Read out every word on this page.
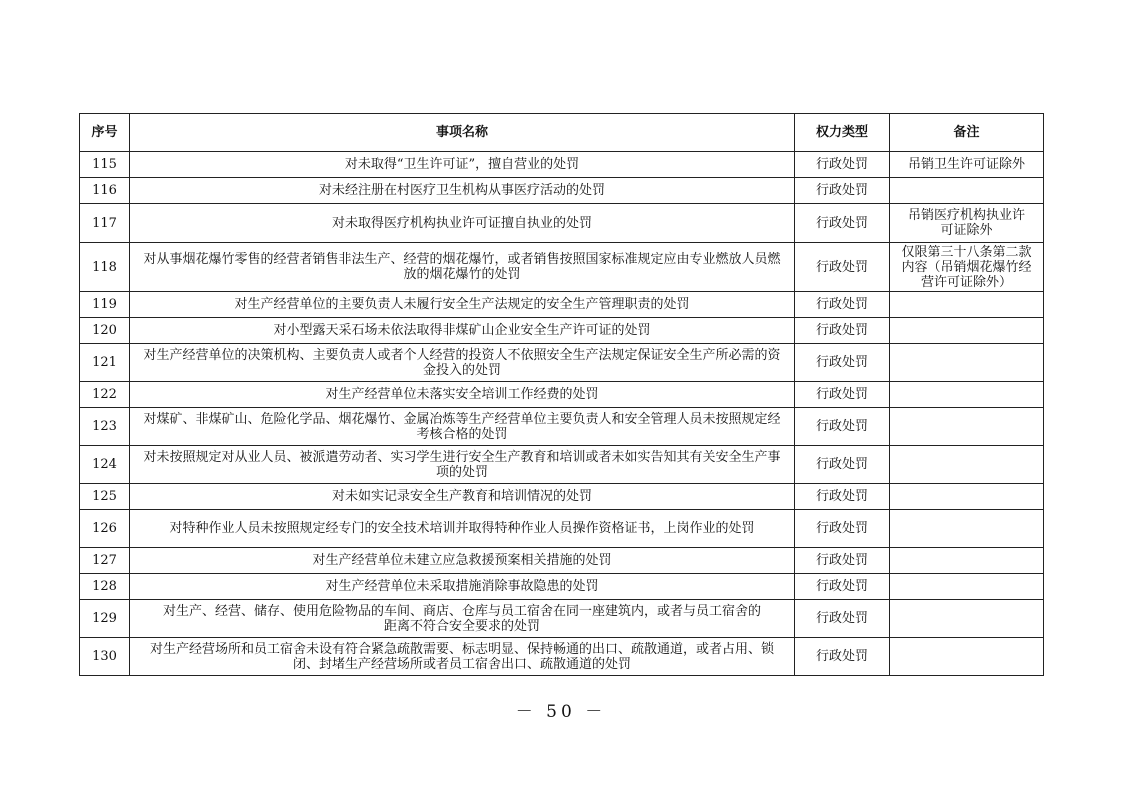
序号	事项名称	权力类型	备注
115	对未取得“卫生许可证”，擅自营业的处罚	行政处罚	吊销卫生许可证除外
116	对未经注册在村医疗卫生机构从事医疗活动的处罚	行政处罚	
117	对未取得医疗机构执业许可证擅自执业的处罚	行政处罚	吊销医疗机构执业许可证除外
118	对从事烟花爆竹零售的经营者销售非法生产、经营的烟花爆竹，或者销售按照国家标准规定应由专业燃放人员燃放的烟花爆竹的处罚	行政处罚	仅限第三十八条第二款内容（吊销烟花爆竹经营许可证除外）
119	对生产经营单位的主要负责人未履行安全生产法规定的安全生产管理职责的处罚	行政处罚	
120	对小型露天采石场未依法取得非煤矿山企业安全生产许可证的处罚	行政处罚	
121	对生产经营单位的决策机构、主要负责人或者个人经营的投资人不依照安全生产法规定保证安全生产所必需的资金投入的处罚	行政处罚	
122	对生产经营单位未落实安全培训工作经费的处罚	行政处罚	
123	对煤矿、非煤矿山、危险化学品、烟花爆竹、金属冶炼等生产经营单位主要负责人和安全管理人员未按照规定经考核合格的处罚	行政处罚	
124	对未按照规定对从业人员、被派遣劳动者、实习学生进行安全生产教育和培训或者未如实告知其有关安全生产事项的处罚	行政处罚	
125	对未如实记录安全生产教育和培训情况的处罚	行政处罚	
126	对特种作业人员未按照规定经专门的安全技术培训并取得特种作业人员操作资格证书，上岗作业的处罚	行政处罚	
127	对生产经营单位未建立应急救援预案相关措施的处罚	行政处罚	
128	对生产经营单位未采取措施消除事故隐患的处罚	行政处罚	
129	对生产、经营、储存、使用危险物品的车间、商店、仓库与员工宿舍在同一座建筑内，或者与员工宿舍的距离不符合安全要求的处罚	行政处罚	
130	对生产经营场所和员工宿舍未设有符合紧急疏散需要、标志明显、保持畅通的出口、疏散通道，或者占用、锁闭、封堵生产经营场所或者员工宿舍出口、疏散通道的处罚	行政处罚	
－ 50 －
